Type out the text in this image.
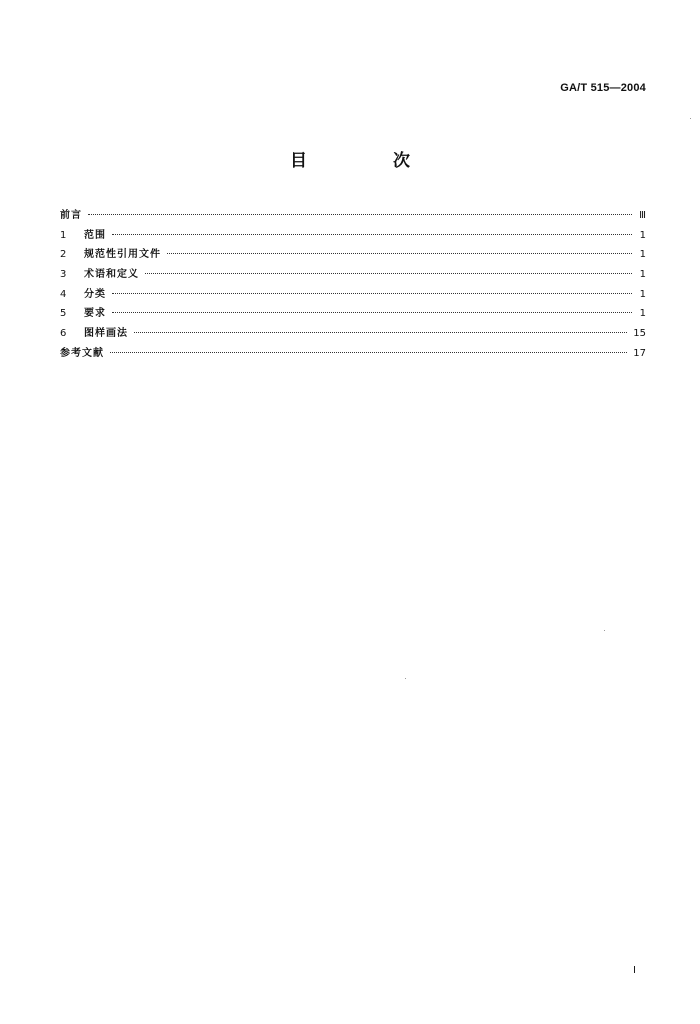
GA/T 515—2004
目 次
前言	Ⅲ
1	范围	1
2	规范性引用文件	1
3	术语和定义	1
4	分类	1
5	要求	1
6	图样画法	15
参考文献	17
Ⅰ
